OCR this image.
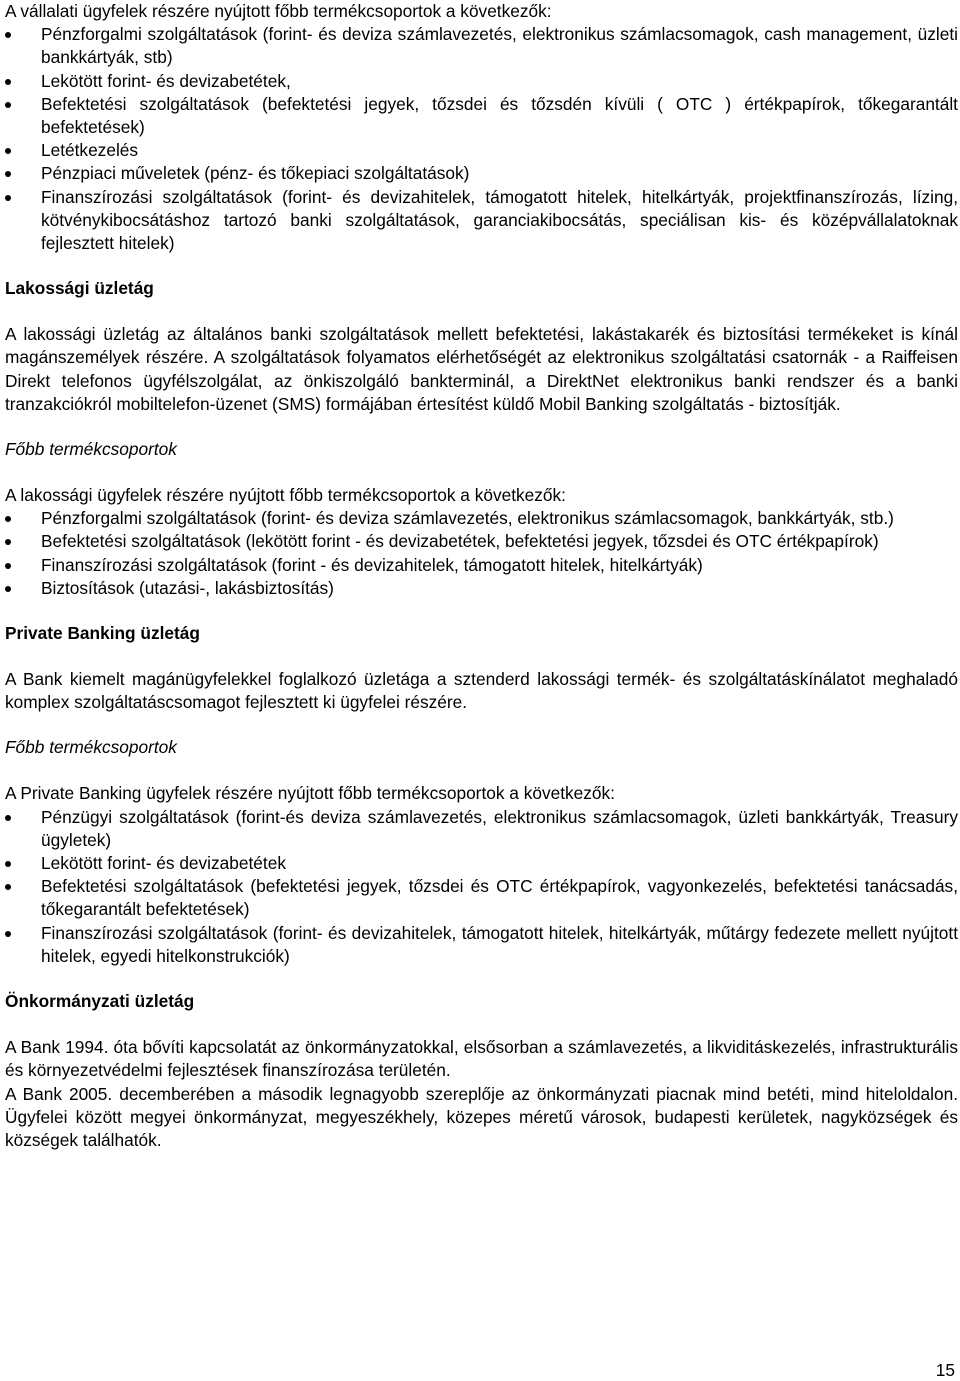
A vállalati ügyfelek részére nyújtott főbb termékcsoportok a következők:

Pénzforgalmi szolgáltatások (forint- és deviza számlavezetés, elektronikus számlacsomagok, cash management, üzleti bankkártyák, stb)
Lekötött forint- és devizabetétek,
Befektetési szolgáltatások (befektetési jegyek, tőzsdei és tőzsdén kívüli ( OTC ) értékpapírok, tőkegarantált befektetések)
Letétkezelés
Pénzpiaci műveletek (pénz- és tőkepiaci szolgáltatások)
Finanszírozási szolgáltatások (forint- és devizahitelek, támogatott hitelek, hitelkártyák, projektfinanszírozás, lízing, kötvénykibocsátáshoz tartozó banki szolgáltatások, garanciakibocsátás, speciálisan kis- és középvállalatoknak fejlesztett hitelek)
Lakossági üzletág

A lakossági üzletág az általános banki szolgáltatások mellett befektetési, lakástakarék és biztosítási termékeket is kínál magánszemélyek részére. A szolgáltatások folyamatos elérhetőségét az elektronikus szolgáltatási csatornák - a Raiffeisen Direkt telefonos ügyfélszolgálat, az önkiszolgáló bankterminál, a DirektNet elektronikus banki rendszer és a banki tranzakciókról mobiltelefon-üzenet (SMS) formájában értesítést küldő Mobil Banking szolgáltatás - biztosítják.

Főbb termékcsoportok

A lakossági ügyfelek részére nyújtott főbb termékcsoportok a következők:

Pénzforgalmi szolgáltatások (forint- és deviza számlavezetés, elektronikus számlacsomagok, bankkártyák, stb.)
Befektetési szolgáltatások (lekötött forint - és devizabetétek, befektetési jegyek, tőzsdei és OTC értékpapírok)
Finanszírozási szolgáltatások (forint - és devizahitelek, támogatott hitelek, hitelkártyák)
Biztosítások (utazási-, lakásbiztosítás)
Private Banking üzletág

A Bank kiemelt magánügyfelekkel foglalkozó üzletága a sztenderd lakossági termék- és szolgáltatáskínálatot meghaladó komplex szolgáltatáscsomagot fejlesztett ki ügyfelei részére.

Főbb termékcsoportok

A Private Banking ügyfelek részére nyújtott főbb termékcsoportok a következők:

Pénzügyi szolgáltatások (forint-és deviza számlavezetés, elektronikus számlacsomagok, üzleti bankkártyák, Treasury ügyletek)
Lekötött forint- és devizabetétek
Befektetési szolgáltatások (befektetési jegyek, tőzsdei és OTC értékpapírok, vagyonkezelés, befektetési tanácsadás, tőkegarantált befektetések)
Finanszírozási szolgáltatások (forint- és devizahitelek, támogatott hitelek, hitelkártyák, műtárgy fedezete mellett nyújtott hitelek, egyedi hitelkonstrukciók)
Önkormányzati üzletág

A Bank 1994. óta bővíti kapcsolatát az önkormányzatokkal, elsősorban a számlavezetés, a likviditáskezelés, infrastrukturális és környezetvédelmi fejlesztések finanszírozása területén.

A Bank 2005. decemberében a második legnagyobb szereplője az önkormányzati piacnak mind betéti, mind hiteloldalon. Ügyfelei között megyei önkormányzat, megyeszékhely, közepes méretű városok, budapesti kerületek, nagyközségek és községek találhatók.

15
